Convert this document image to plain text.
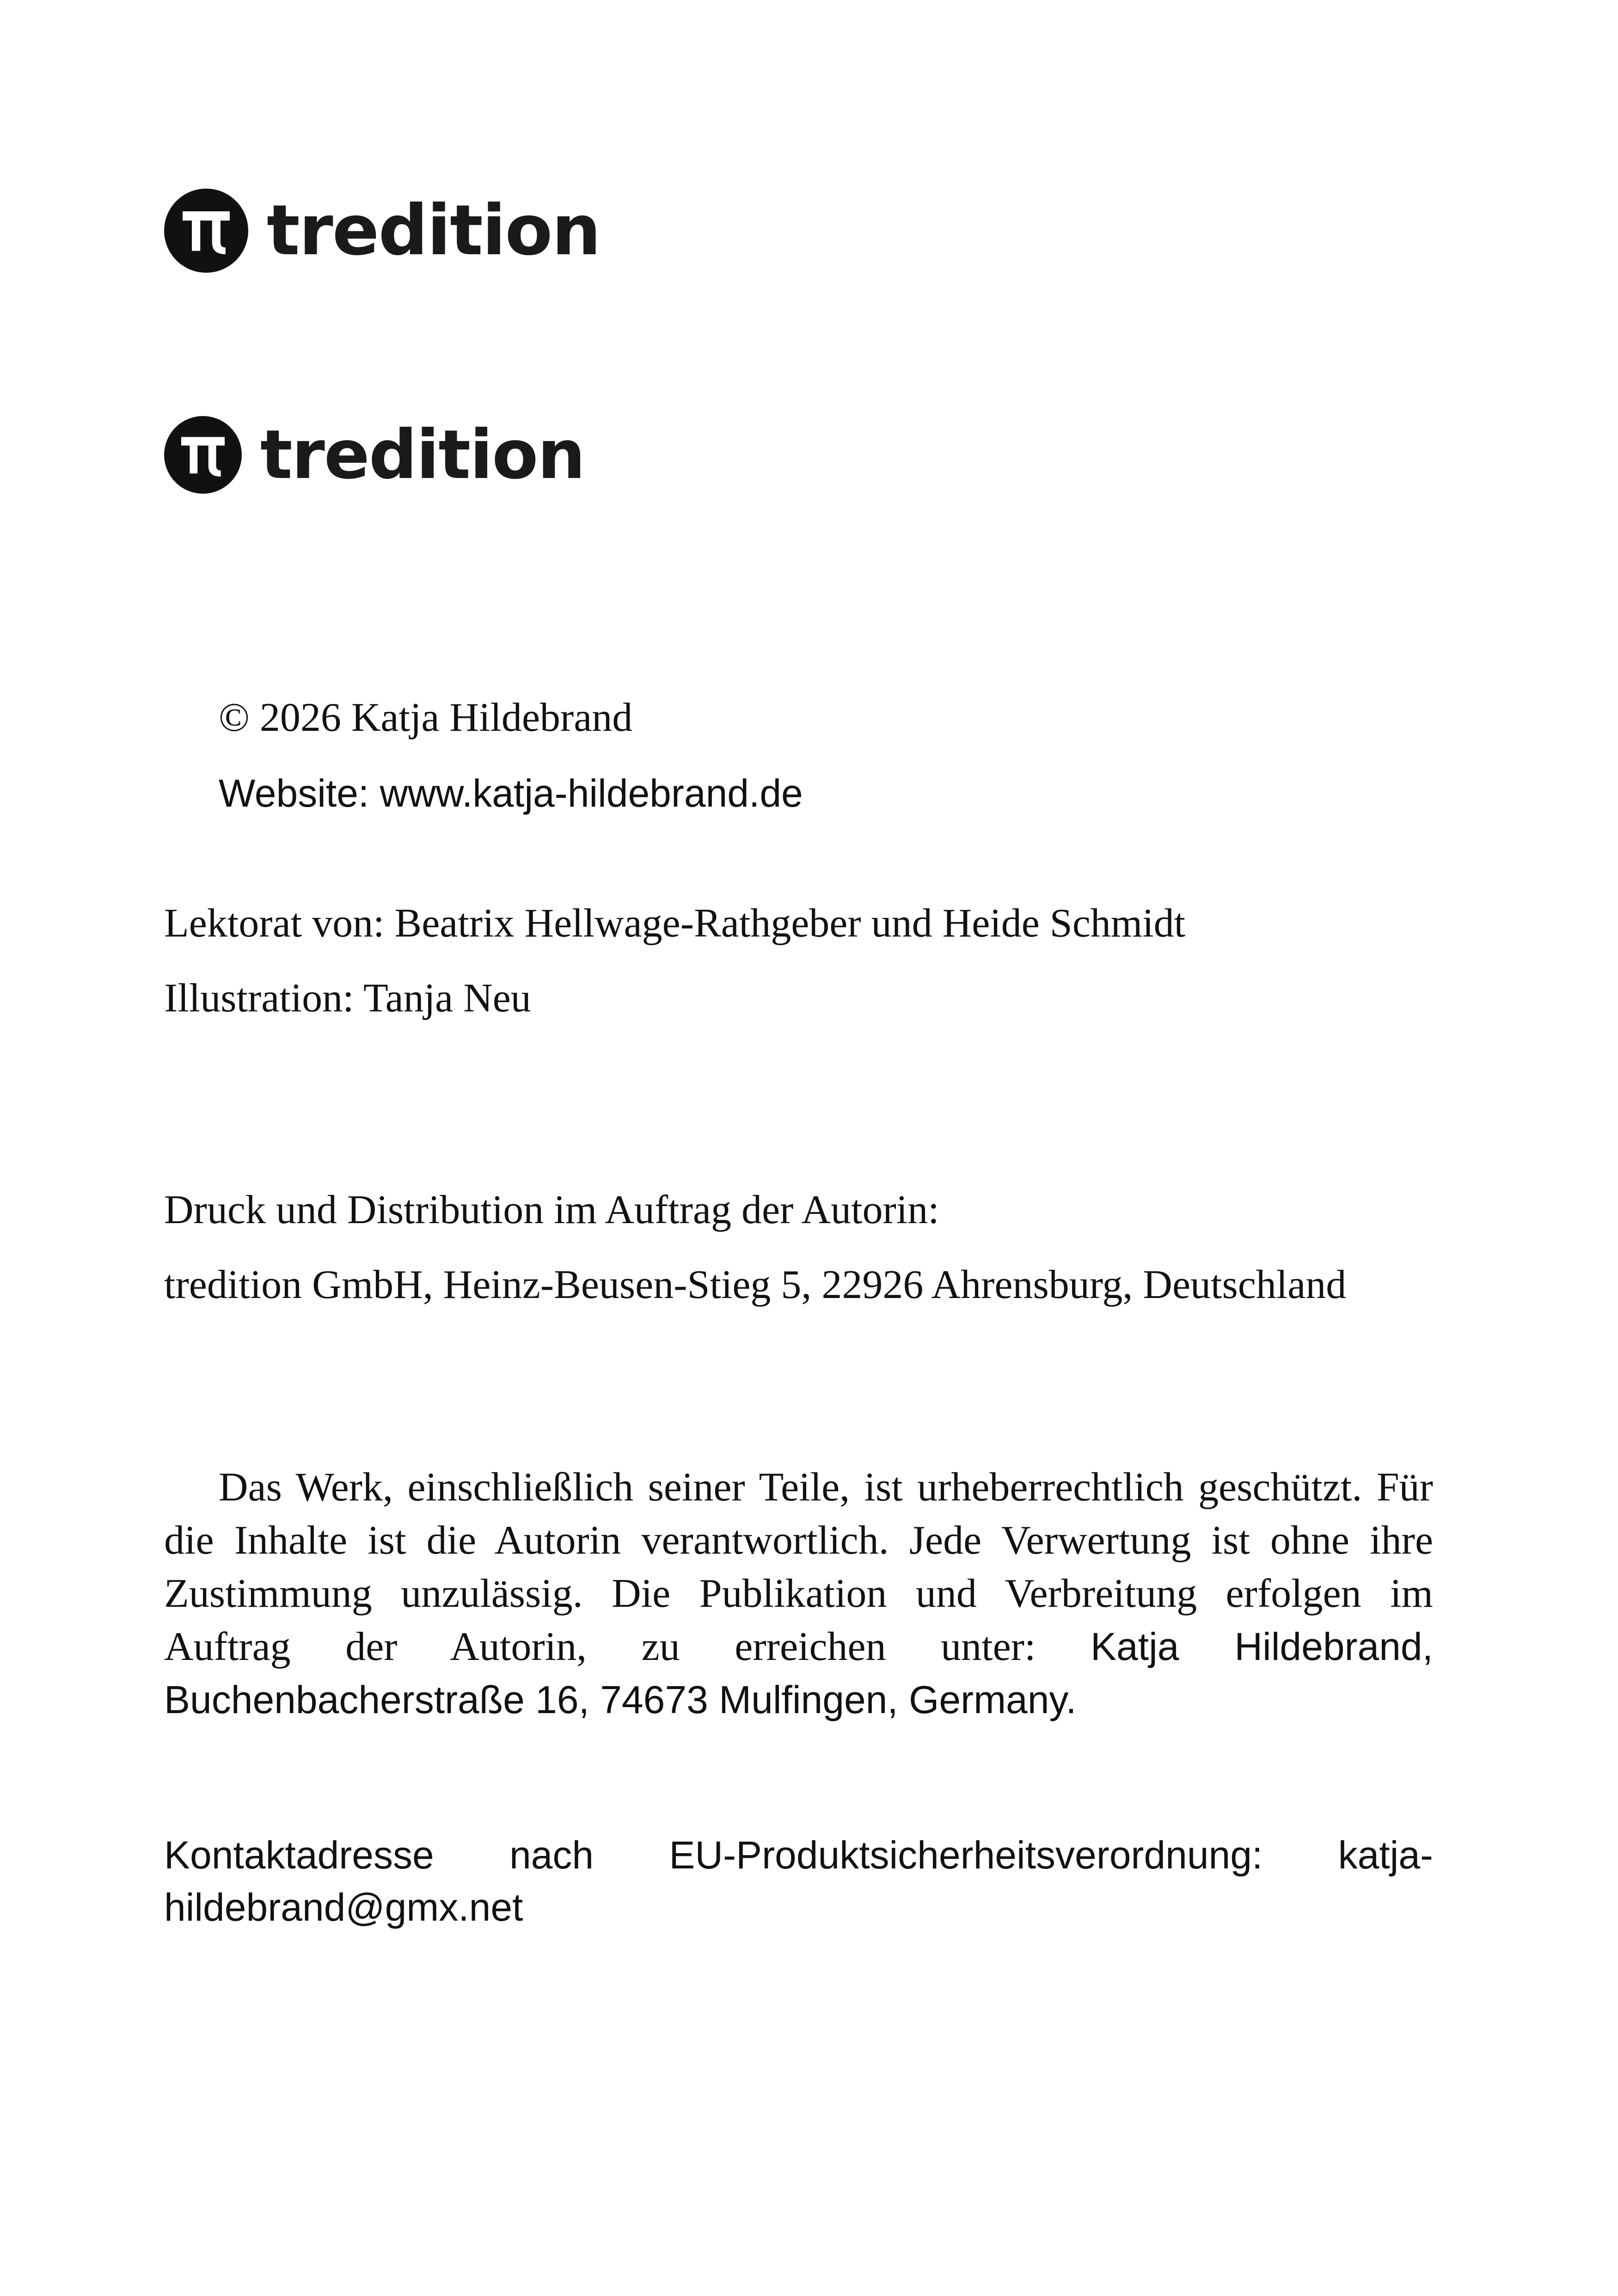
tredition
tredition
© 2026 Katja Hildebrand
Website: www.katja-hildebrand.de
Lektorat von: Beatrix Hellwage-Rathgeber und Heide Schmidt
Illustration: Tanja Neu
Druck und Distribution im Auftrag der Autorin:
tredition GmbH, Heinz-Beusen-Stieg 5, 22926 Ahrensburg, Deutschland
Das Werk, einschließlich seiner Teile, ist urheberrechtlich geschützt. Für die Inhalte ist die Autorin verantwortlich. Jede Verwertung ist ohne ihre Zustimmung unzulässig. Die Publikation und Verbreitung erfolgen im Auftrag der Autorin, zu erreichen unter: Katja Hildebrand, Buchenbacherstraße 16, 74673 Mulfingen, Germany.
Kontaktadresse nach EU-Produktsicherheitsverordnung: katja-hildebrand@gmx.net
